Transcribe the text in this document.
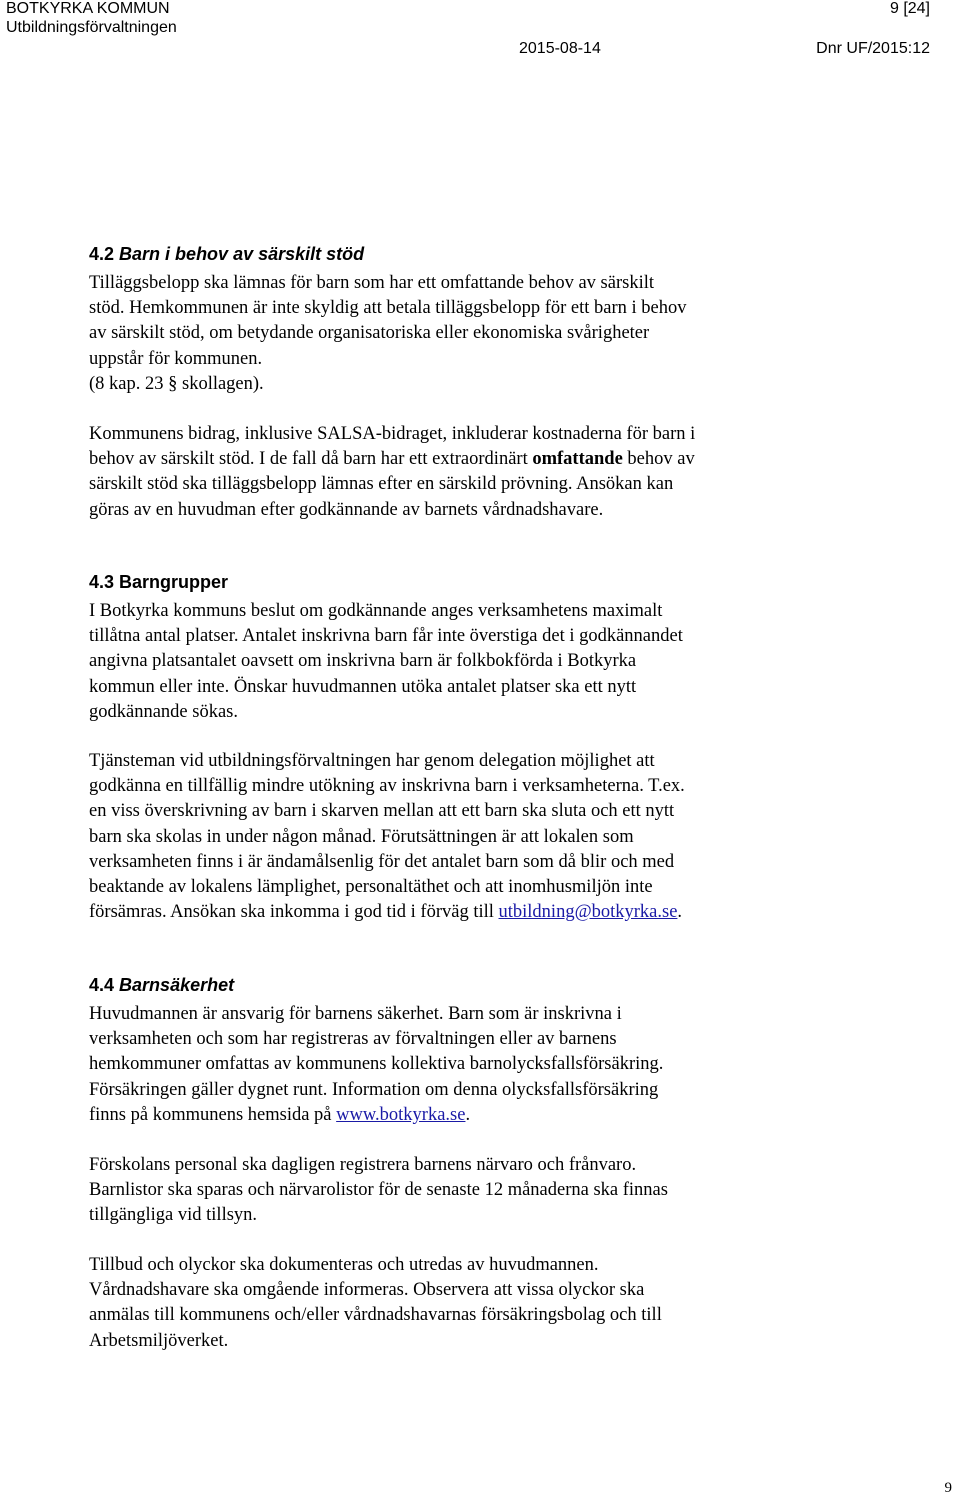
BOTKYRKA KOMMUN
Utbildningsförvaltningen
9 [24]
2015-08-14	Dnr UF/2015:12
4.2 Barn i behov av särskilt stöd
Tilläggsbelopp ska lämnas för barn som har ett omfattande behov av särskilt
stöd. Hemkommunen är inte skyldig att betala tilläggsbelopp för ett barn i behov
av särskilt stöd, om betydande organisatoriska eller ekonomiska svårigheter
uppstår för kommunen.
(8 kap. 23 § skollagen).
Kommunens bidrag, inklusive SALSA-bidraget, inkluderar kostnaderna för barn i
behov av särskilt stöd. I de fall då barn har ett extraordinärt omfattande behov av
särskilt stöd ska tilläggsbelopp lämnas efter en särskild prövning. Ansökan kan
göras av en huvudman efter godkännande av barnets vårdnadshavare.
4.3 Barngrupper
I Botkyrka kommuns beslut om godkännande anges verksamhetens maximalt
tillåtna antal platser. Antalet inskrivna barn får inte överstiga det i godkännandet
angivna platsantalet oavsett om inskrivna barn är folkbokförda i Botkyrka
kommun eller inte. Önskar huvudmannen utöka antalet platser ska ett nytt
godkännande sökas.
Tjänsteman vid utbildningsförvaltningen har genom delegation möjlighet att
godkänna en tillfällig mindre utökning av inskrivna barn i verksamheterna. T.ex.
en viss överskrivning av barn i skarven mellan att ett barn ska sluta och ett nytt
barn ska skolas in under någon månad. Förutsättningen är att lokalen som
verksamheten finns i är ändamålsenlig för det antalet barn som då blir och med
beaktande av lokalens lämplighet, personaltäthet och att inomhusmiljön inte
försämras. Ansökan ska inkomma i god tid i förväg till utbildning@botkyrka.se.
4.4 Barnsäkerhet
Huvudmannen är ansvarig för barnens säkerhet. Barn som är inskrivna i
verksamheten och som har registreras av förvaltningen eller av barnens
hemkommuner omfattas av kommunens kollektiva barnolycksfallsförsäkring.
Försäkringen gäller dygnet runt. Information om denna olycksfallsförsäkring
finns på kommunens hemsida på www.botkyrka.se.
Förskolans personal ska dagligen registrera barnens närvaro och frånvaro.
Barnlistor ska sparas och närvarolistor för de senaste 12 månaderna ska finnas
tillgängliga vid tillsyn.
Tillbud och olyckor ska dokumenteras och utredas av huvudmannen.
Vårdnadshavare ska omgående informeras. Observera att vissa olyckor ska
anmälas till kommunens och/eller vårdnadshavarnas försäkringsbolag och till
Arbetsmiljöverket.
9
